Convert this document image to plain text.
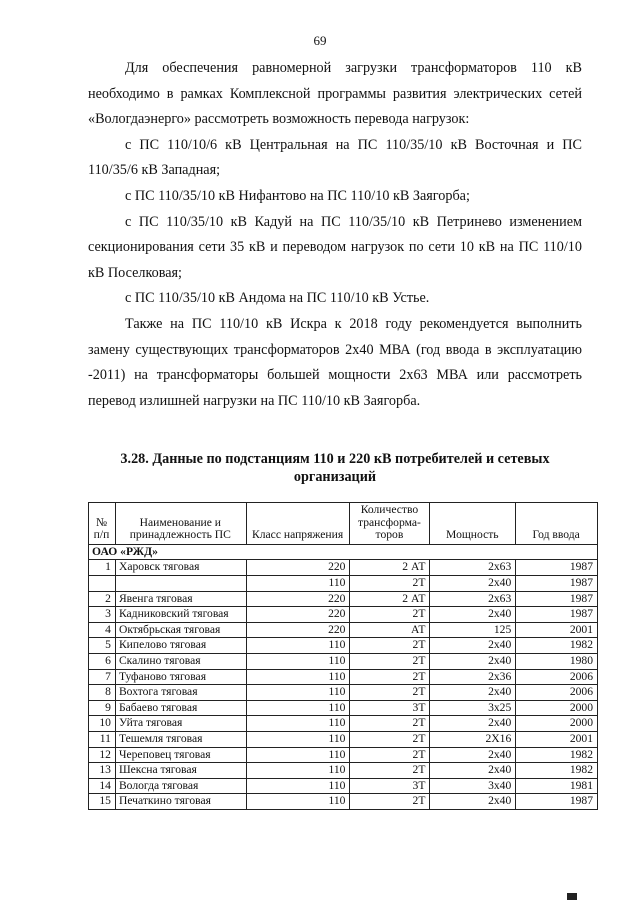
69

Для обеспечения равномерной загрузки трансформаторов 110 кВ необходимо в рамках Комплексной программы развития электрических сетей «Вологдаэнерго» рассмотреть возможность перевода нагрузок:

с ПС 110/10/6 кВ Центральная на ПС 110/35/10 кВ Восточная и ПС 110/35/6 кВ Западная;

с ПС 110/35/10 кВ Нифантово на ПС 110/10 кВ Заягорба;

с ПС 110/35/10 кВ Кадуй на ПС 110/35/10 кВ Петринево изменением секционирования сети 35 кВ и переводом нагрузок по сети 10 кВ на ПС 110/10 кВ Поселковая;

с ПС 110/35/10 кВ Андома на ПС 110/10 кВ Устье.

Также на ПС 110/10 кВ Искра к 2018 году рекомендуется выполнить замену существующих трансформаторов 2х40 МВА (год ввода в эксплуатацию -2011) на трансформаторы большей мощности 2х63 МВА или рассмотреть перевод излишней нагрузки на ПС 110/10 кВ Заягорба.

3.28. Данные по подстанциям 110 и 220 кВ потребителей и сетевых организаций
№ п/п	Наименование и принадлежность ПС	Класс напряжения	Количество трансформа-торов	Мощность	Год ввода
ОАО «РЖД»					
1	Харовск тяговая	220	2 АТ	2х63	1987
		110	2Т	2х40	1987
2	Явенга тяговая	220	2 АТ	2х63	1987
3	Кадниковский тяговая	220	2Т	2х40	1987
4	Октябрьская тяговая	220	АТ	125	2001
5	Кипелово тяговая	110	2Т	2х40	1982
6	Скалино тяговая	110	2Т	2х40	1980
7	Туфаново тяговая	110	2Т	2х36	2006
8	Вохтога тяговая	110	2Т	2х40	2006
9	Бабаево тяговая	110	3Т	3х25	2000
10	Уйта тяговая	110	2Т	2х40	2000
11	Тешемля тяговая	110	2Т	2Х16	2001
12	Череповец тяговая	110	2Т	2х40	1982
13	Шексна тяговая	110	2Т	2х40	1982
14	Вологда тяговая	110	3Т	3х40	1981
15	Печаткино тяговая	110	2Т	2х40	1987
